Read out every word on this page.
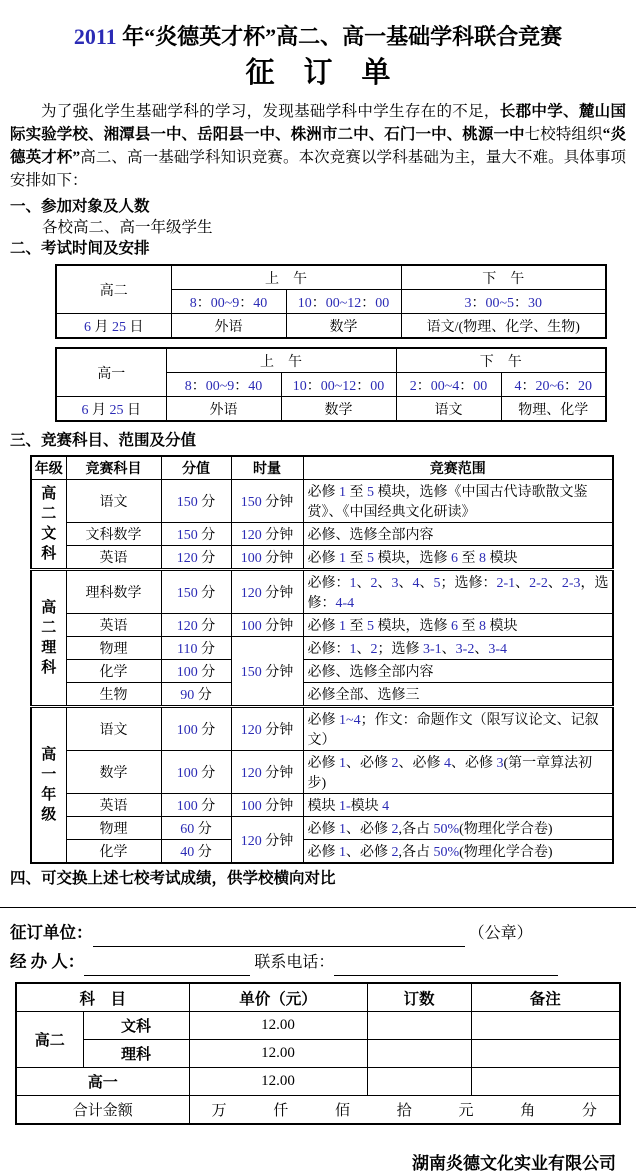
2011 年“炎德英才杯”高二、高一基础学科联合竞赛
征　订　单

为了强化学生基础学科的学习，发现基础学科中学生存在的不足，长郡中学、麓山国际实验学校、湘潭县一中、岳阳县一中、株洲市二中、石门一中、桃源一中七校特组织“炎德英才杯”高二、高一基础学科知识竞赛。本次竞赛以学科基础为主，量大不难。具体事项安排如下：

一、参加对象及人数
各校高二、高一年级学生
二、考试时间及安排
高二	上　午		下　午
	8：00~9：40	10：00~12：00	3：00~5：30
6 月 25 日	外语	数学	语文/(物理、化学、生物)
高一	上　午		下　午	
	8：00~9：40	10：00~12：00	2：00~4：00	4：20~6：20
6 月 25 日	外语	数学	语文	物理、化学
三、竞赛科目、范围及分值
年级	竞赛科目	分值	时量	竞赛范围

高二文科	语文	150 分	150 分钟	必修 1 至 5 模块，选修《中国古代诗歌散文鉴赏》、《中国经典文化研读》
	文科数学	150 分	120 分钟	必修、选修全部内容
	英语	120 分	100 分钟	必修 1 至 5 模块，选修 6 至 8 模块

高二理科	理科数学	150 分	120 分钟	必修：1、2、3、4、5；选修：2-1、2-2、2-3，选修：4-4
	英语	120 分	100 分钟	必修 1 至 5 模块，选修 6 至 8 模块
	物理	110 分	150 分钟	必修：1、2；选修 3-1、3-2、3-4
	化学	100 分		必修、选修全部内容
	生物	90 分		必修全部、选修三

高一年级	语文	100 分	120 分钟	必修 1~4；作文：命题作文（限写议论文、记叙文）
	数学	100 分	120 分钟	必修 1、必修 2、必修 4、必修 3(第一章算法初步)
	英语	100 分	100 分钟	模块 1-模块 4
	物理	60 分	120 分钟	必修 1、必修 2,各占 50%(物理化学合卷)
	化学	40 分		必修 1、必修 2,各占 50%(物理化学合卷)
四、可交换上述七校考试成绩，供学校横向对比
征订单位：	（公章）
经 办 人：	联系电话：
科　目		单价（元）	订数	备注
高二	文科	12.00		
	理科	12.00		
高一		12.00		
合计金额	万	仟	佰	拾	元	角	分
湖南炎德文化实业有限公司
